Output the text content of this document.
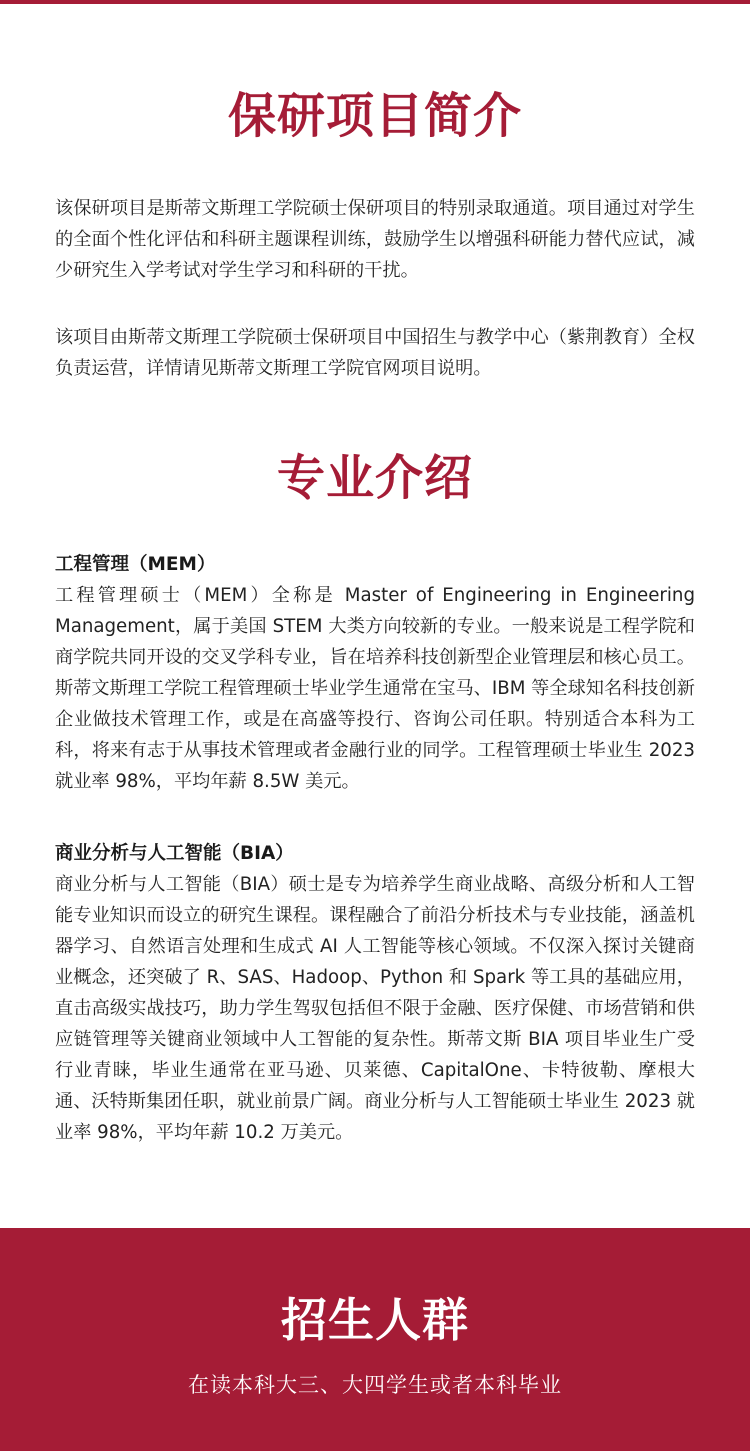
保研项目简介

该保研项目是斯蒂文斯理工学院硕士保研项目的特别录取通道。项目通过对学生的全面个性化评估和科研主题课程训练，鼓励学生以增强科研能力替代应试，减少研究生入学考试对学生学习和科研的干扰。

该项目由斯蒂文斯理工学院硕士保研项目中国招生与教学中心（紫荆教育）全权负责运营，详情请见斯蒂文斯理工学院官网项目说明。

专业介绍
工程管理（MEM）

工程管理硕士（MEM）全称是 Master of Engineering in Engineering Management，属于美国 STEM 大类方向较新的专业。一般来说是工程学院和商学院共同开设的交叉学科专业，旨在培养科技创新型企业管理层和核心员工。斯蒂文斯理工学院工程管理硕士毕业学生通常在宝马、IBM 等全球知名科技创新企业做技术管理工作，或是在高盛等投行、咨询公司任职。特别适合本科为工科，将来有志于从事技术管理或者金融行业的同学。工程管理硕士毕业生 2023 就业率 98%，平均年薪 8.5W 美元。

商业分析与人工智能（BIA）

商业分析与人工智能（BIA）硕士是专为培养学生商业战略、高级分析和人工智能专业知识而设立的研究生课程。课程融合了前沿分析技术与专业技能，涵盖机器学习、自然语言处理和生成式 AI 人工智能等核心领域。不仅深入探讨关键商业概念，还突破了 R、SAS、Hadoop、Python 和 Spark 等工具的基础应用，直击高级实战技巧，助力学生驾驭包括但不限于金融、医疗保健、市场营销和供应链管理等关键商业领域中人工智能的复杂性。斯蒂文斯 BIA 项目毕业生广受行业青睐，毕业生通常在亚马逊、贝莱德、CapitalOne、卡特彼勒、摩根大通、沃特斯集团任职，就业前景广阔。商业分析与人工智能硕士毕业生 2023 就业率 98%，平均年薪 10.2 万美元。

招生人群

在读本科大三、大四学生或者本科毕业
